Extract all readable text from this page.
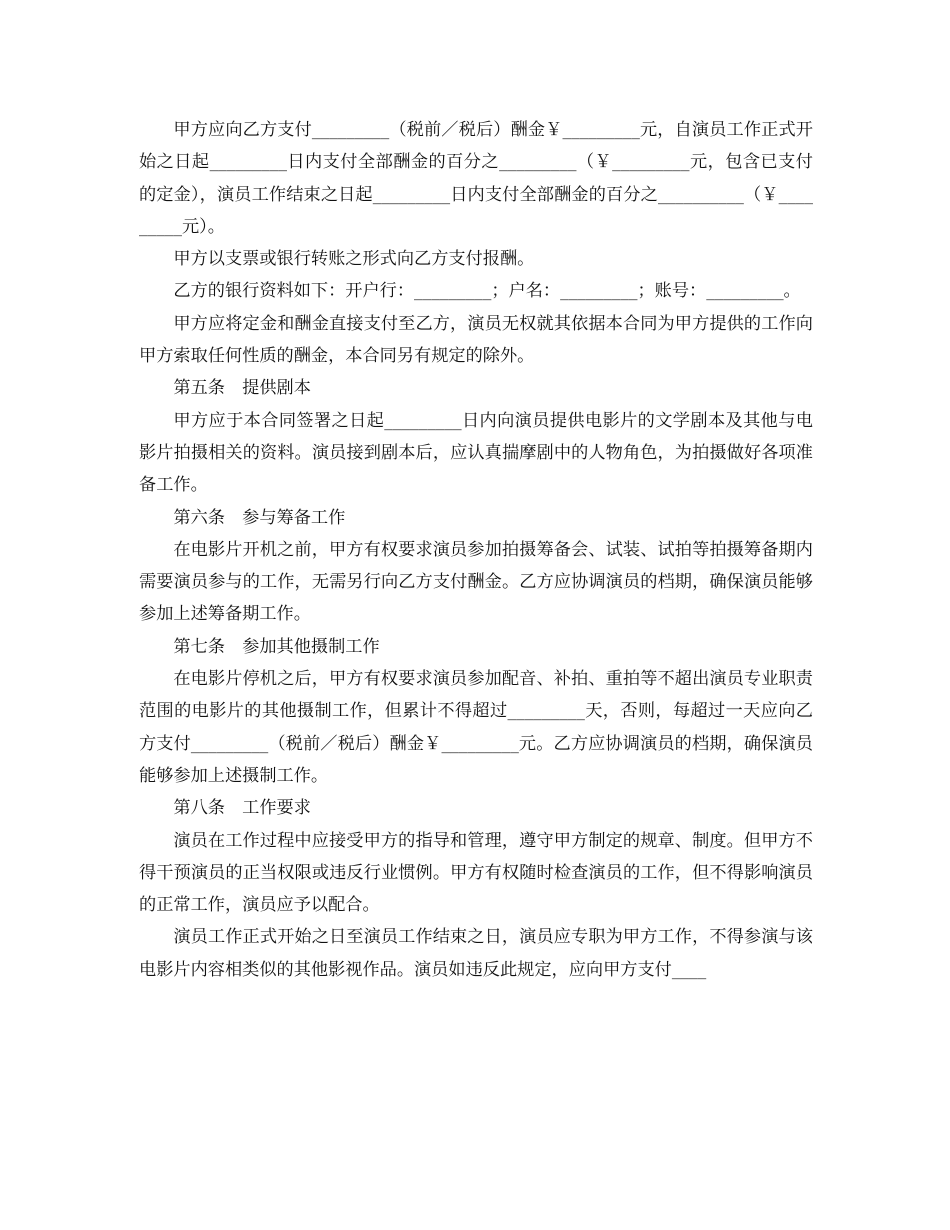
甲方应向乙方支付_________（税前／税后）酬金￥_________元，自演员工作正式开始之日起_________日内支付全部酬金的百分之_________（￥_________元，包含已支付的定金），演员工作结束之日起_________日内支付全部酬金的百分之__________（￥_________元）。

甲方以支票或银行转账之形式向乙方支付报酬。

乙方的银行资料如下：开户行：_________；户名：_________；账号：_________。

甲方应将定金和酬金直接支付至乙方，演员无权就其依据本合同为甲方提供的工作向甲方索取任何性质的酬金，本合同另有规定的除外。

第五条　提供剧本

甲方应于本合同签署之日起_________日内向演员提供电影片的文学剧本及其他与电影片拍摄相关的资料。演员接到剧本后，应认真揣摩剧中的人物角色，为拍摄做好各项准备工作。

第六条　参与筹备工作

在电影片开机之前，甲方有权要求演员参加拍摄筹备会、试装、试拍等拍摄筹备期内需要演员参与的工作，无需另行向乙方支付酬金。乙方应协调演员的档期，确保演员能够参加上述筹备期工作。

第七条　参加其他摄制工作

在电影片停机之后，甲方有权要求演员参加配音、补拍、重拍等不超出演员专业职责范围的电影片的其他摄制工作，但累计不得超过_________天，否则，每超过一天应向乙方支付_________（税前／税后）酬金￥_________元。乙方应协调演员的档期，确保演员能够参加上述摄制工作。

第八条　工作要求

演员在工作过程中应接受甲方的指导和管理，遵守甲方制定的规章、制度。但甲方不得干预演员的正当权限或违反行业惯例。甲方有权随时检查演员的工作，但不得影响演员的正常工作，演员应予以配合。

演员工作正式开始之日至演员工作结束之日，演员应专职为甲方工作，不得参演与该电影片内容相类似的其他影视作品。演员如违反此规定，应向甲方支付____
